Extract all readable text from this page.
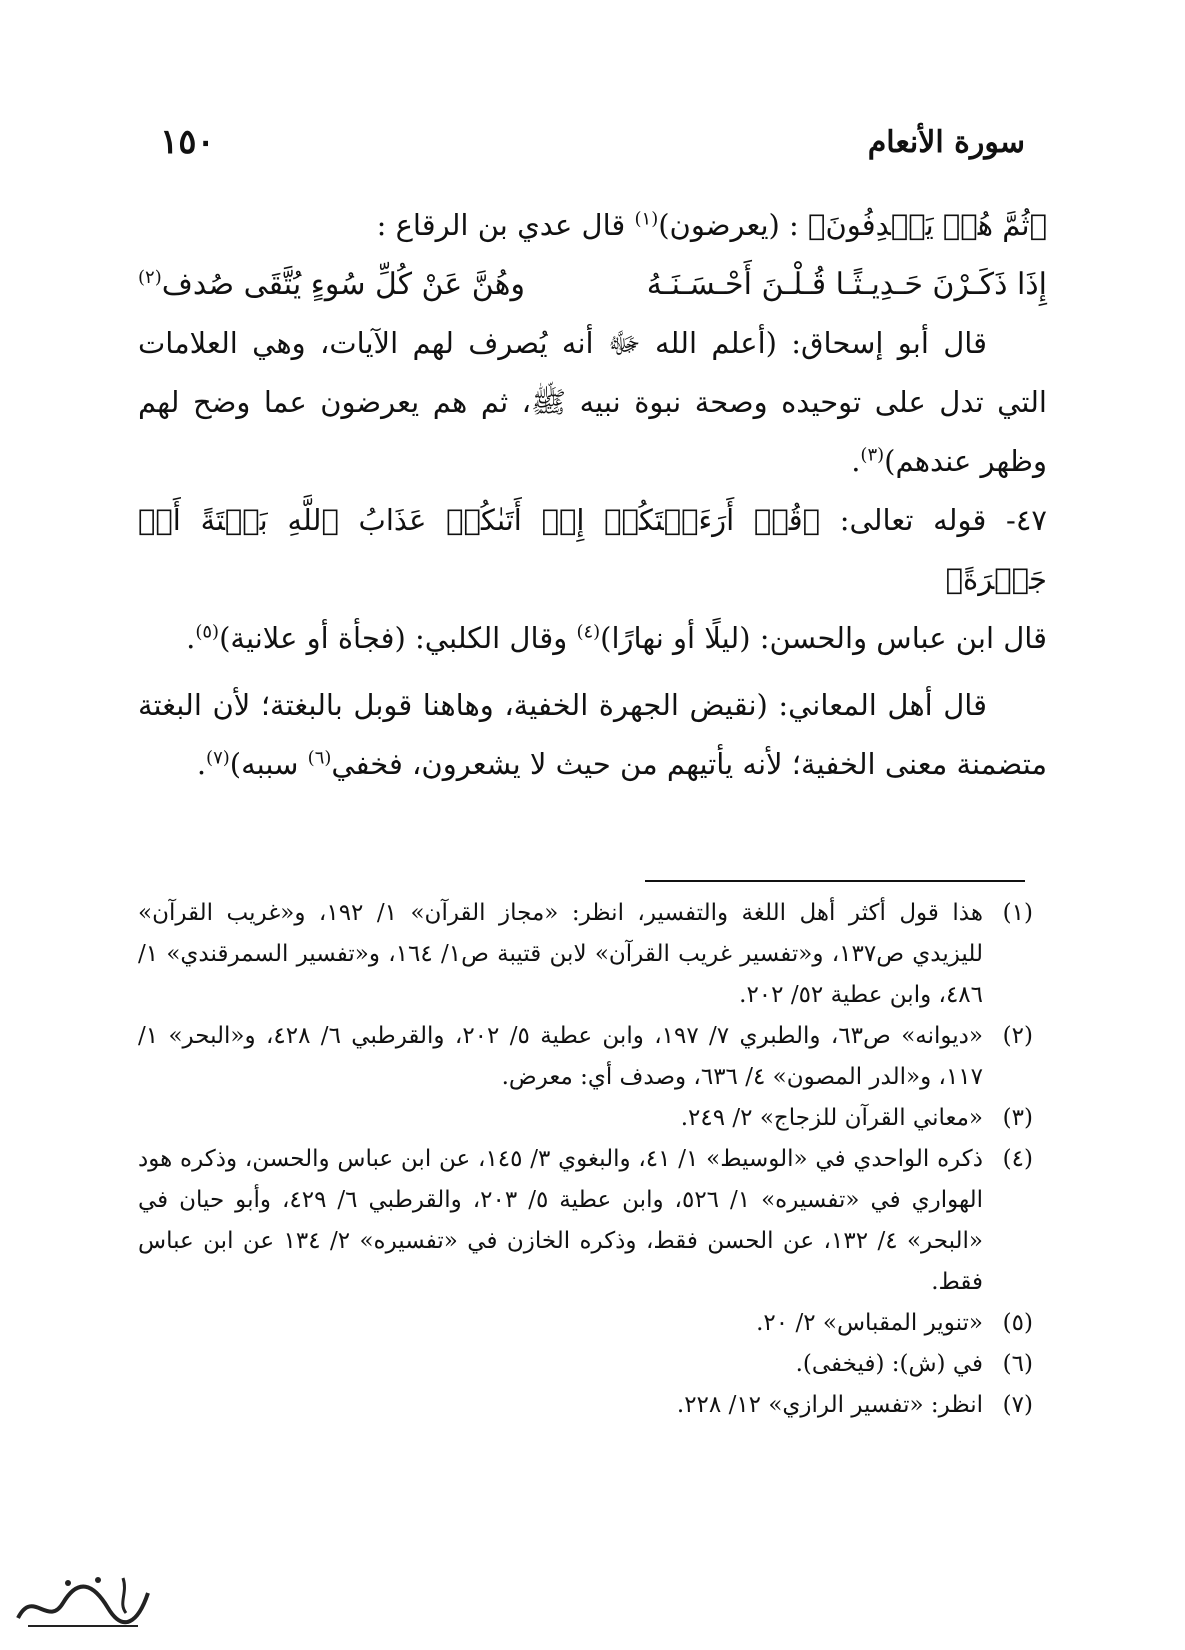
سورة الأنعام
١٥٠

﴿ثُمَّ هُمۡ يَصۡدِفُونَ﴾ : (يعرضون)$^{(١)}$ قال عدي بن الرقاع :

إِذَا ذَكَـرْنَ حَـدِيـثًـا قُـلْـنَ أَحْـسَـنَـهُ
وهُنَّ عَنْ كُلِّ سُوءٍ يُتَّقَى صُدف$^{(٢)}$

قال أبو إسحاق: (أعلم الله ﷻ أنه يُصرف لهم الآيات، وهي العلامات التي تدل على توحيده وصحة نبوة نبيه ﷺ، ثم هم يعرضون عما وضح لهم وظهر عندهم)$^{(٣)}$.

٤٧- قوله تعالى: ﴿قُلۡ أَرَءَيۡتَكُمۡ إِنۡ أَتَىٰكُمۡ عَذَابُ ٱللَّهِ بَغۡتَةً أَوۡ جَهۡرَةً﴾

قال ابن عباس والحسن: (ليلًا أو نهارًا)$^{(٤)}$ وقال الكلبي: (فجأة أو علانية)$^{(٥)}$.

قال أهل المعاني: (نقيض الجهرة الخفية، وهاهنا قوبل بالبغتة؛ لأن البغتة متضمنة معنى الخفية؛ لأنه يأتيهم من حيث لا يشعرون، فخفي$^{(٦)}$ سببه)$^{(٧)}$.

(١)
هذا قول أكثر أهل اللغة والتفسير، انظر: «مجاز القرآن» ١/ ١٩٢، و«غريب القرآن» لليزيدي ص١٣٧، و«تفسير غريب القرآن» لابن قتيبة ص١/ ١٦٤، و«تفسير السمرقندي» ١/ ٤٨٦، وابن عطية ٥٢/ ٢٠٢.
(٢)
«ديوانه» ص٦٣، والطبري ٧/ ١٩٧، وابن عطية ٥/ ٢٠٢، والقرطبي ٦/ ٤٢٨، و«البحر» ١/ ١١٧، و«الدر المصون» ٤/ ٦٣٦، وصدف أي: معرض.
(٣)
«معاني القرآن للزجاج» ٢/ ٢٤٩.
(٤)
ذكره الواحدي في «الوسيط» ١/ ٤١، والبغوي ٣/ ١٤٥، عن ابن عباس والحسن، وذكره هود الهواري في «تفسيره» ١/ ٥٢٦، وابن عطية ٥/ ٢٠٣، والقرطبي ٦/ ٤٢٩، وأبو حيان في «البحر» ٤/ ١٣٢، عن الحسن فقط، وذكره الخازن في «تفسيره» ٢/ ١٣٤ عن ابن عباس فقط.
(٥)
«تنوير المقباس» ٢/ ٢٠.
(٦)
في (ش): (فيخفى).
(٧)
انظر: «تفسير الرازي» ١٢/ ٢٢٨.
